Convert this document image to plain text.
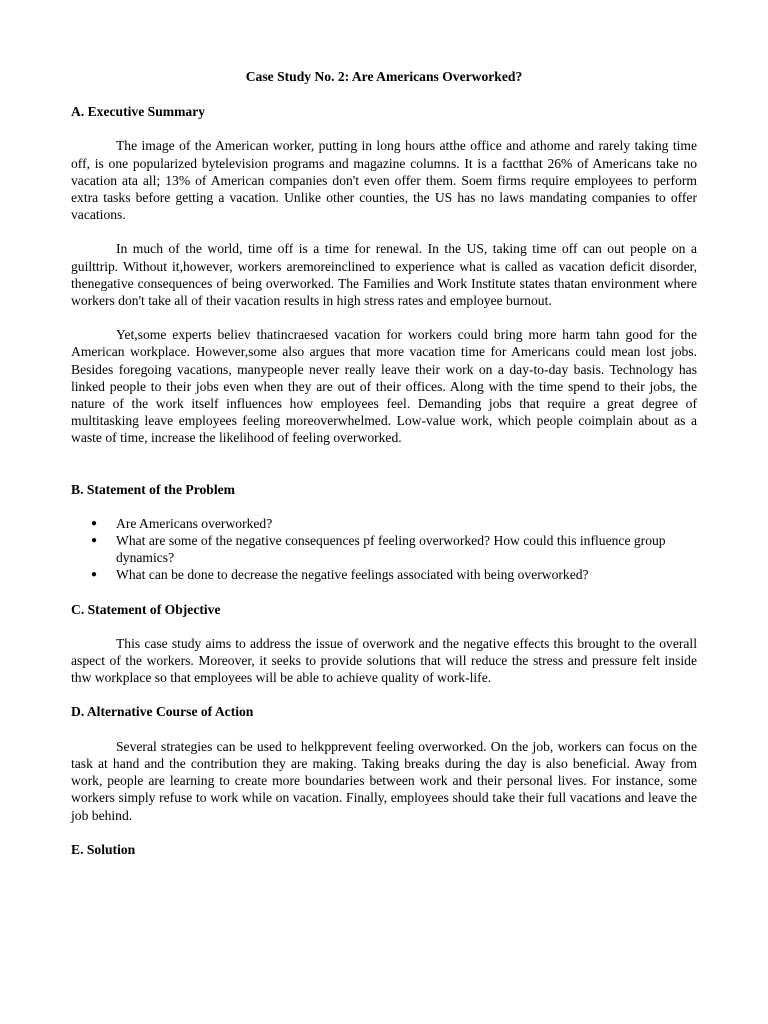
Case Study No. 2: Are Americans Overworked?
A. Executive Summary

The image of the American worker, putting in long hours atthe office and athome and rarely taking time off, is one popularized bytelevision programs and magazine columns. It is a factthat 26% of Americans take no vacation ata all; 13% of American companies don't even offer them. Soem firms require employees to perform extra tasks before getting a vacation. Unlike other counties, the US has no laws mandating companies to offer vacations.

In much of the world, time off is a time for renewal. In the US, taking time off can out people on a guilttrip. Without it,however, workers aremoreinclined to experience what is called as vacation deficit disorder, thenegative consequences of being overworked. The Families and Work Institute states thatan environment where workers don't take all of their vacation results in high stress rates and employee burnout.

Yet,some experts believ thatincraesed vacation for workers could bring more harm tahn good for the American workplace. However,some also argues that more vacation time for Americans could mean lost jobs. Besides foregoing vacations, manypeople never really leave their work on a day-to-day basis. Technology has linked people to their jobs even when they are out of their offices. Along with the time spend to their jobs, the nature of the work itself influences how employees feel. Demanding jobs that require a great degree of multitasking leave employees feeling moreoverwhelmed. Low-value work, which people coimplain about as a waste of time, increase the likelihood of feeling overworked.

B. Statement of the Problem
● Are Americans overworked?
● What are some of the negative consequences pf feeling overworked? How could this influence group dynamics?
● What can be done to decrease the negative feelings associated with being overworked?
C. Statement of Objective

This case study aims to address the issue of overwork and the negative effects this brought to the overall aspect of the workers. Moreover, it seeks to provide solutions that will reduce the stress and pressure felt inside thw workplace so that employees will be able to achieve quality of work-life.

D. Alternative Course of Action

Several strategies can be used to helkpprevent feeling overworked. On the job, workers can focus on the task at hand and the contribution they are making. Taking breaks during the day is also beneficial. Away from work, people are learning to create more boundaries between work and their personal lives. For instance, some workers simply refuse to work while on vacation. Finally, employees should take their full vacations and leave the job behind.

E. Solution
